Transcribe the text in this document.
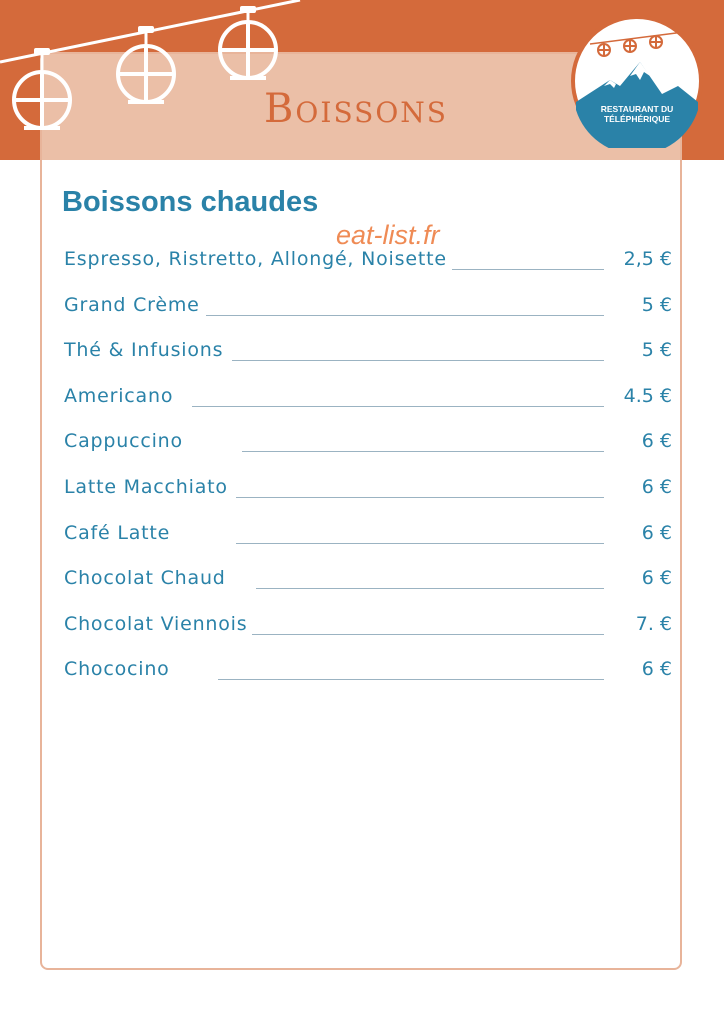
Boissons	RESTAURANT DU
TÉLÉPHÉRIQUE
Boissons chaudes
eat-list.fr
Espresso, Ristretto, Allongé, Noisette	2,5 €
Grand Crème	5 €
Thé & Infusions	5 €
Americano	4.5 €
Cappuccino	6 €
Latte Macchiato	6 €
Café Latte	6 €
Chocolat Chaud	6 €
Chocolat Viennois	7. €
Chococino	6 €
